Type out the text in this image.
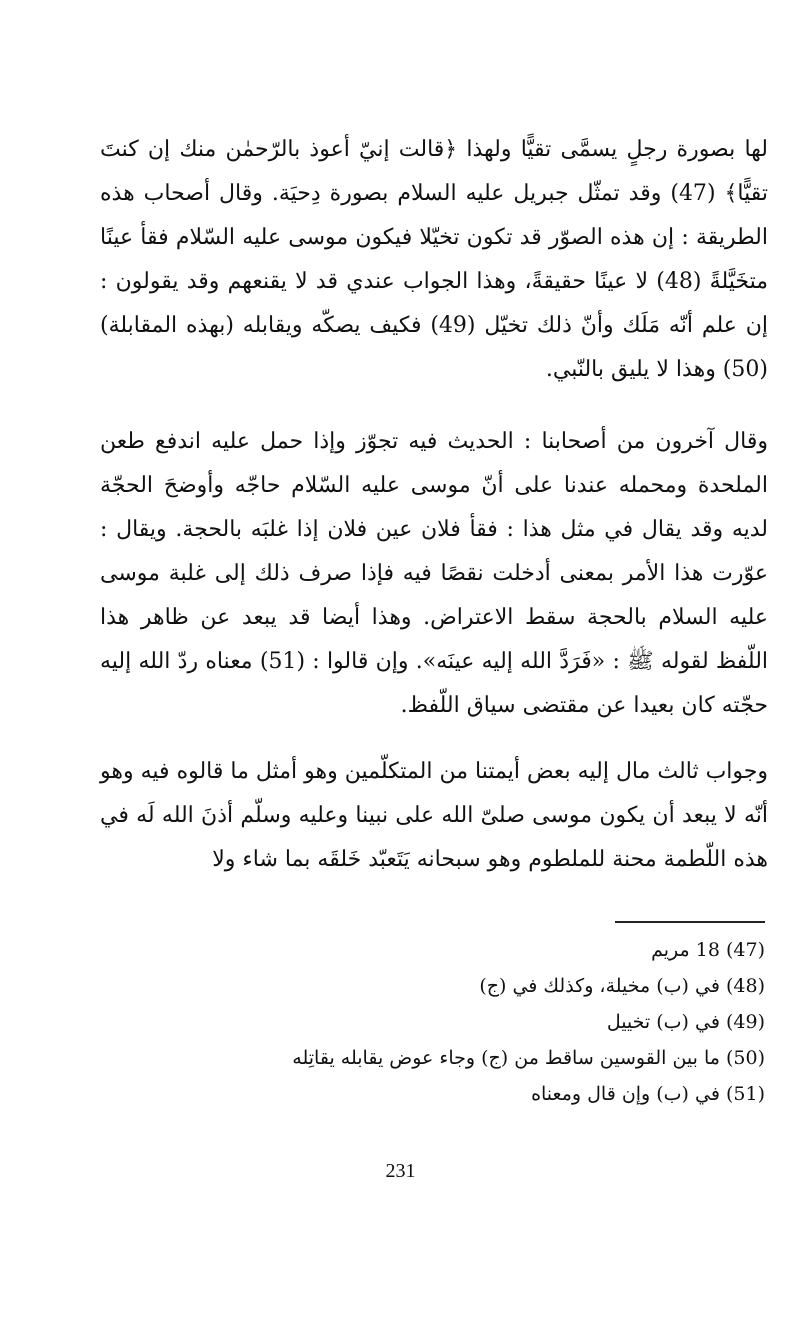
لها بصورة رجلٍ يسمَّى تقيًّا ولهذا ﴿قالت إنيّ أعوذ بالرّحمٰن منك إن كنتَ تقيًّا﴾ (47) وقد تمثّل جبريل عليه السلام بصورة دِحيَة. وقال أصحاب هذه الطريقة : إن هذه الصوّر قد تكون تخيّلا فيكون موسى عليه السّلام فقأ عينًا متخَيَّلةً (48) لا عينًا حقيقةً، وهذا الجواب عندي قد لا يقنعهم وقد يقولون : إن علم أنّه مَلَك وأنّ ذلك تخيّل (49) فكيف يصكّه ويقابله (بهذه المقابلة) (50) وهذا لا يليق بالنّبي.

وقال آخرون من أصحابنا : الحديث فيه تجوّز وإذا حمل عليه اندفع طعن الملحدة ومحمله عندنا على أنّ موسى عليه السّلام حاجّه وأوضحَ الحجّة لديه وقد يقال في مثل هذا : فقأ فلان عين فلان إذا غلبَه بالحجة. ويقال : عوّرت هذا الأمر بمعنى أدخلت نقصًا فيه فإذا صرف ذلك إلى غلبة موسى عليه السلام بالحجة سقط الاعتراض. وهذا أيضا قد يبعد عن ظاهر هذا اللّفظ لقوله ﷺ : «فَرَدَّ الله إليه عينَه». وإن قالوا : (51) معناه ردّ الله إليه حجّته كان بعيدا عن مقتضى سياق اللّفظ.

وجواب ثالث مال إليه بعض أيمتنا من المتكلّمين وهو أمثل ما قالوه فيه وهو أنّه لا يبعد أن يكون موسى صلىّ الله على نبينا وعليه وسلّم أذنَ الله لَه في هذه اللّطمة محنة للملطوم وهو سبحانه يَتَعبّد خَلقَه بما شاء ولا

(47) 18 مريم
(48) في (ب) مخيلة، وكذلك في (ج)
(49) في (ب) تخييل
(50) ما بين القوسين ساقط من (ج) وجاء عوض يقابله يقاتِله
(51) في (ب) وإن قال ومعناه
231
